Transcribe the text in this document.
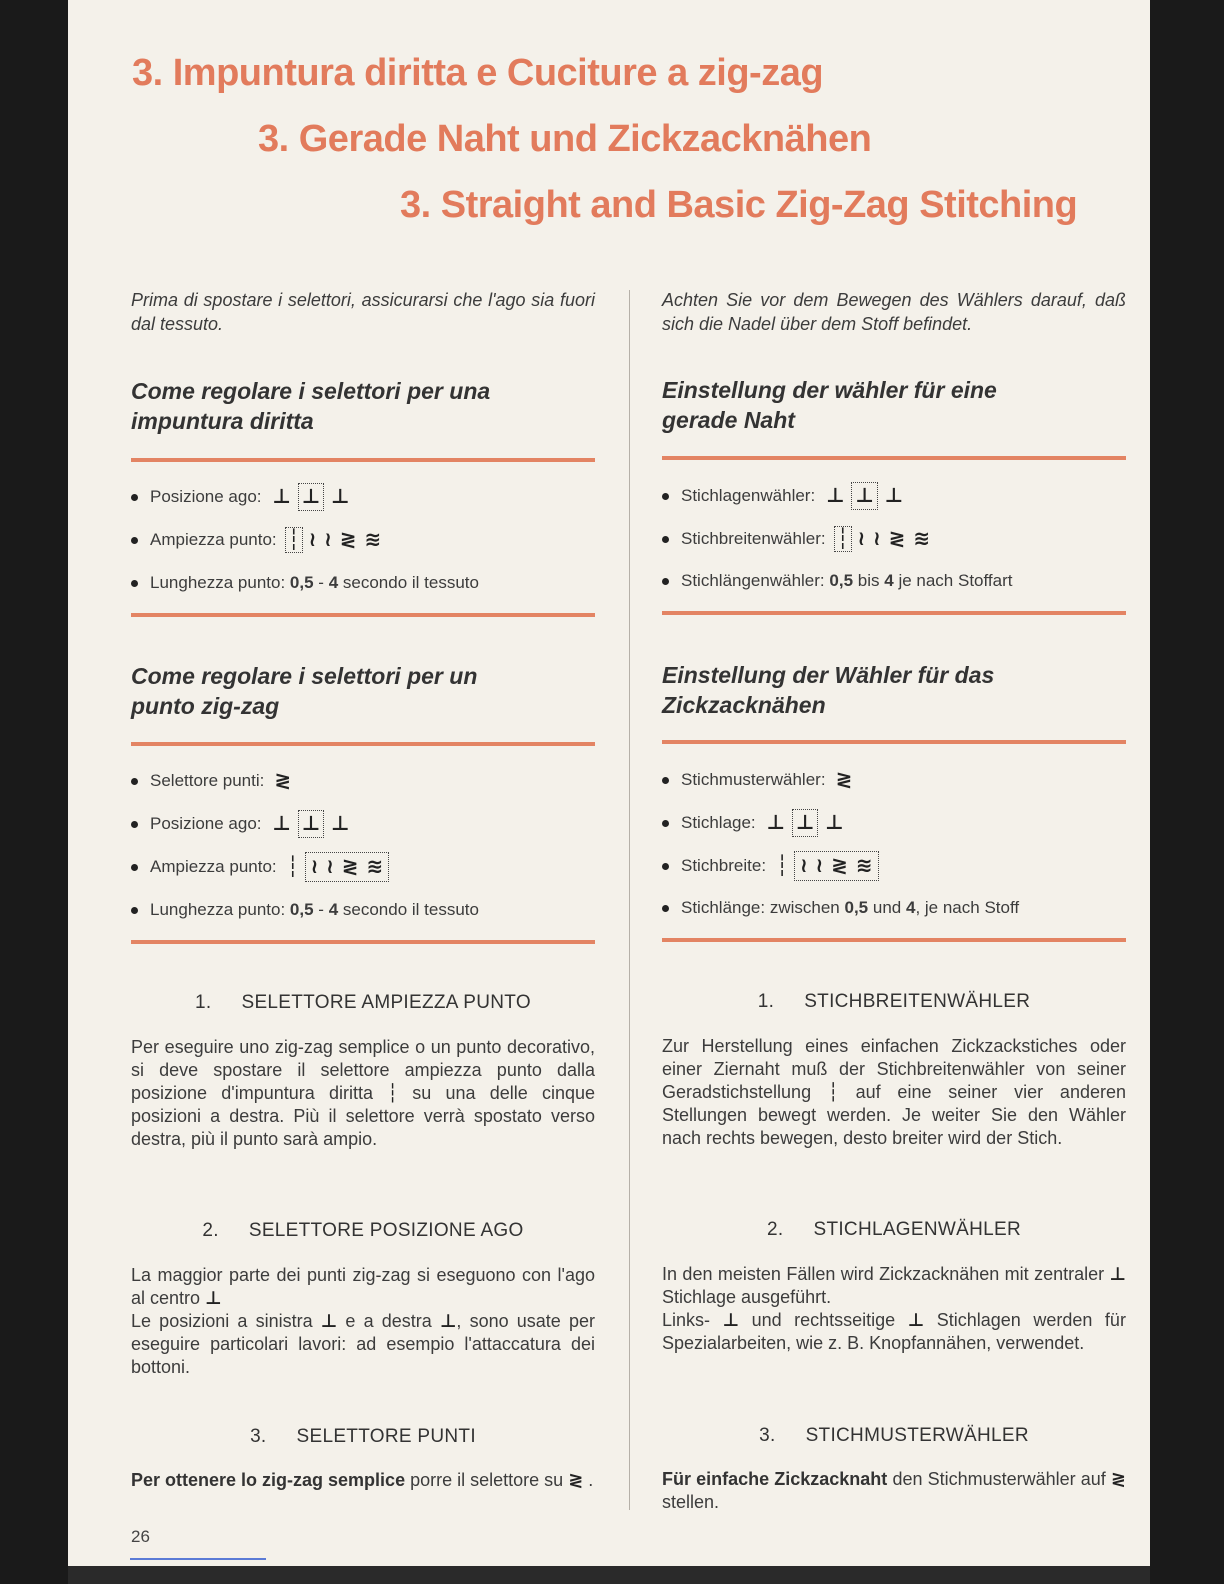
3. Impuntura diritta e Cuciture a zig-zag
3. Gerade Naht und Zickzacknähen
3. Straight and Basic Zig-Zag Stitching
Prima di spostare i selettori, assicurarsi che l'ago sia fuori dal tessuto.
Come regolare i selettori per una
impuntura diritta
Posizione ago: ⊥ ⊥ ⊥
Ampiezza punto: ┆ ≀ ≀ ≷ ≋
Lunghezza punto:
0,5
-
4
secondo il tessuto
Come regolare i selettori per un
punto zig-zag
Selettore punti: ≷
Posizione ago: ⊥ ⊥ ⊥
Ampiezza punto: ┆ ≀ ≀ ≷ ≋
Lunghezza punto:
0,5
-
4
secondo il tessuto
1. SELETTORE AMPIEZZA PUNTO
Per eseguire uno zig-zag semplice o un punto decorativo, si deve spostare il selettore ampiezza punto dalla posizione d'impuntura diritta ┆ su una delle cinque posizioni a destra. Più il selettore verrà spostato verso destra, più il punto sarà ampio.
2. SELETTORE POSIZIONE AGO
La maggior parte dei punti zig-zag si eseguono con l'ago al centro ⊥
Le posizioni a sinistra ⊥ e a destra ⊥, sono usate per eseguire particolari lavori: ad esempio l'attaccatura dei bottoni.
3. SELETTORE PUNTI
Per ottenere lo zig-zag semplice porre il selettore su ≷ .
26
Achten Sie vor dem Bewegen des Wählers darauf, daß sich die Nadel über dem Stoff befindet.
Einstellung der wähler für eine
gerade Naht
Stichlagenwähler: ⊥ ⊥ ⊥
Stichbreitenwähler: ┆ ≀ ≀ ≷ ≋
Stichlängenwähler:
0,5
bis
4
je nach Stoffart
Einstellung der Wähler für das
Zickzacknähen
Stichmusterwähler: ≷
Stichlage: ⊥ ⊥ ⊥
Stichbreite: ┆ ≀ ≀ ≷ ≋
Stichlänge: zwischen
0,5
und
4 , je nach Stoff
1. STICHBREITENWÄHLER
Zur Herstellung eines einfachen Zickzackstiches oder einer Ziernaht muß der Stichbreitenwähler von seiner Geradstichstellung ┆ auf eine seiner vier anderen Stellungen bewegt werden. Je weiter Sie den Wähler nach rechts bewegen, desto breiter wird der Stich.
2. STICHLAGENWÄHLER
In den meisten Fällen wird Zickzacknähen mit zentraler ⊥ Stichlage ausgeführt.
Links- ⊥ und rechtsseitige ⊥ Stichlagen werden für Spezialarbeiten, wie z. B. Knopfannähen, verwendet.
3. STICHMUSTERWÄHLER
Für einfache Zickzacknaht den Stichmusterwähler auf ≷ stellen.
